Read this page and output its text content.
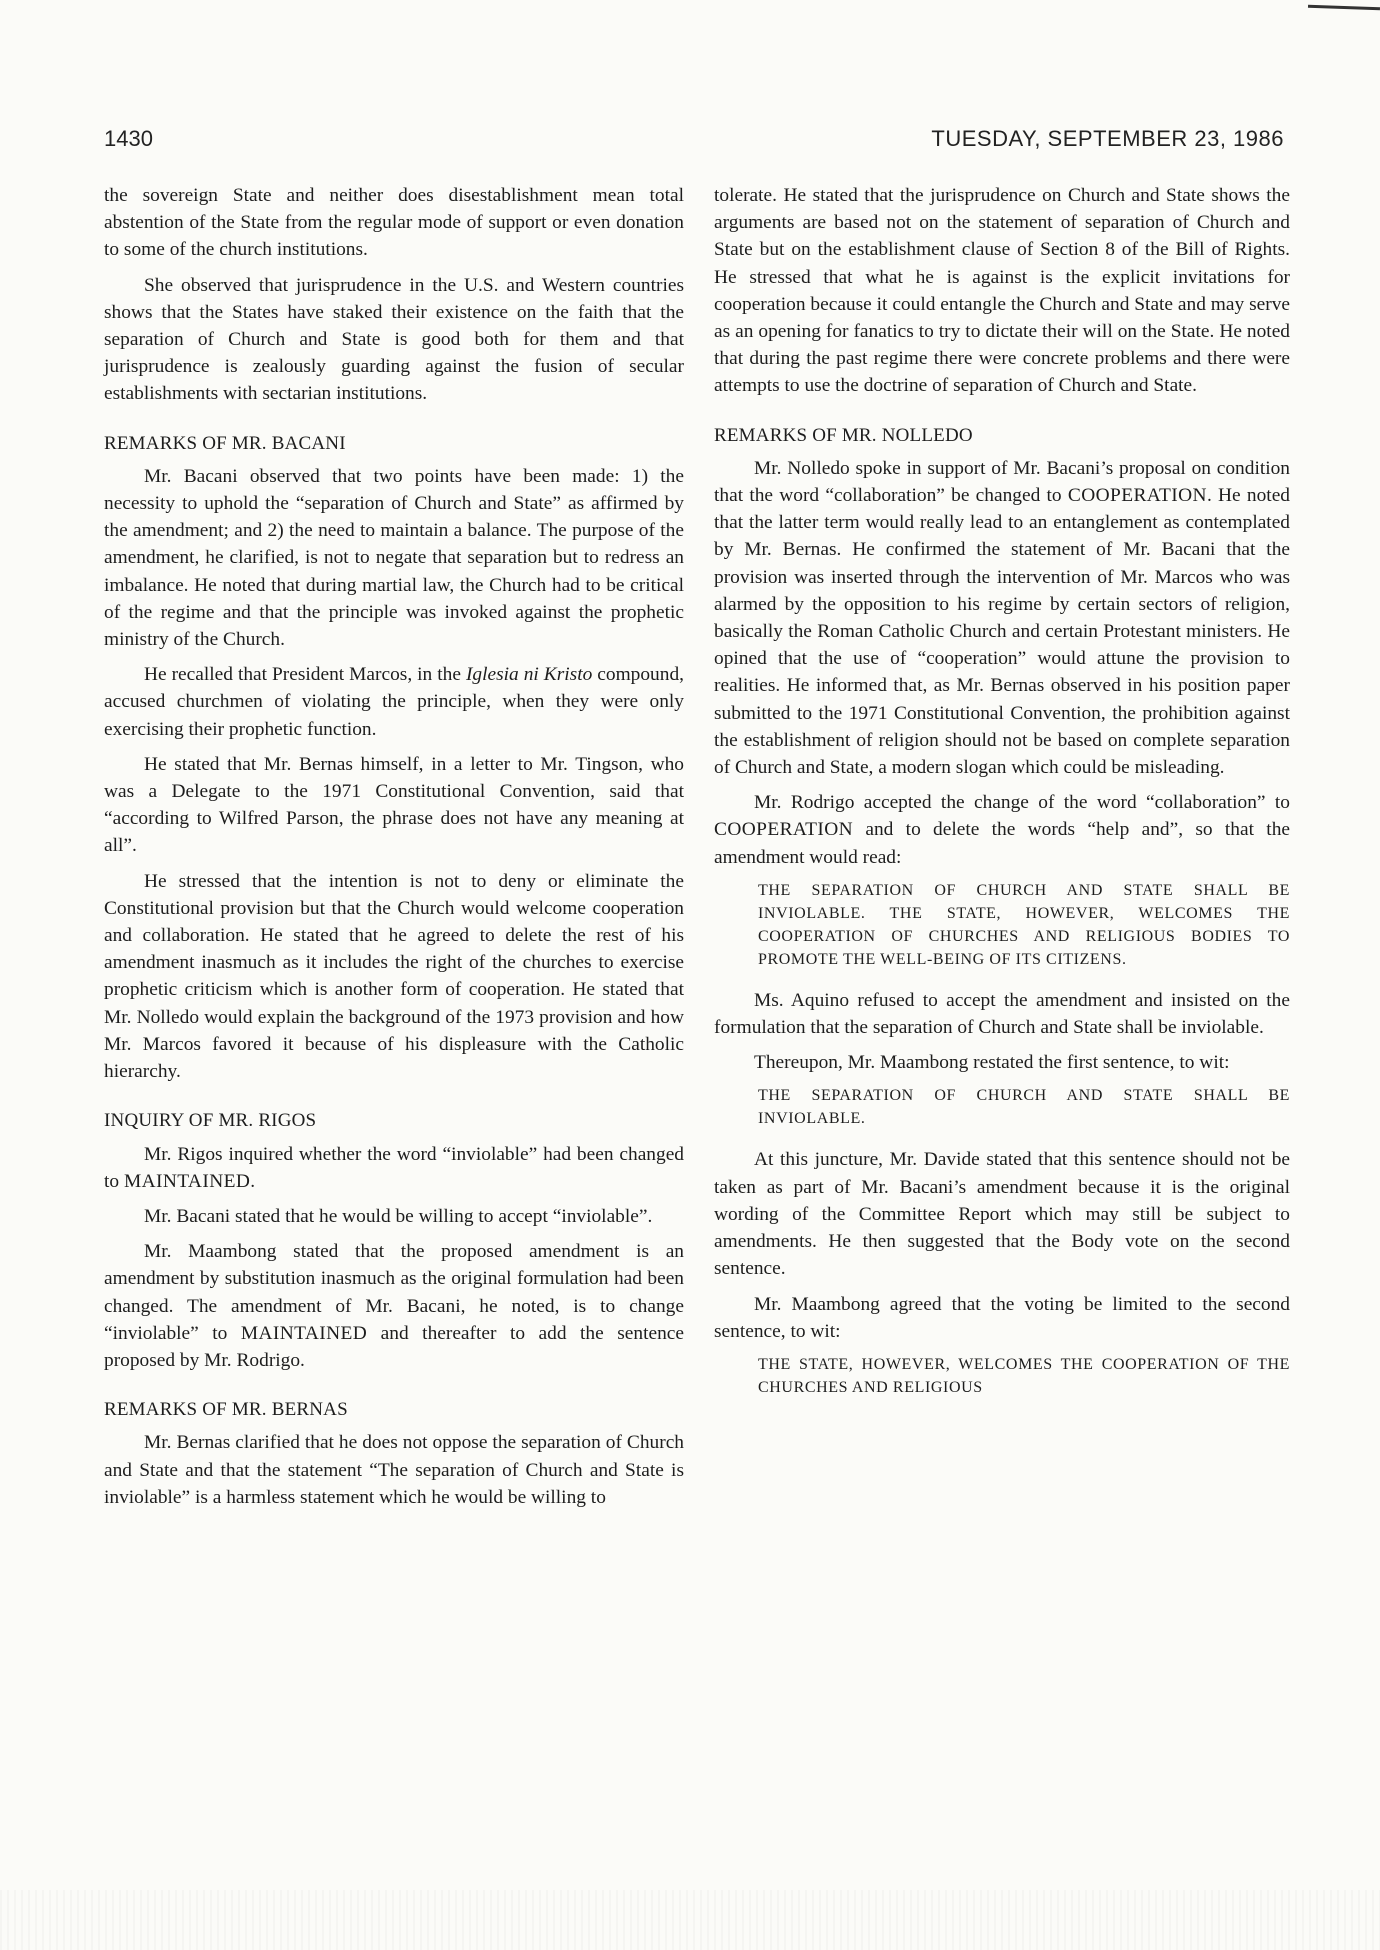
1430	TUESDAY, SEPTEMBER 23, 1986

the sovereign State and neither does disestablishment mean total abstention of the State from the regular mode of support or even donation to some of the church institutions.

She observed that jurisprudence in the U.S. and Western countries shows that the States have staked their existence on the faith that the separation of Church and State is good both for them and that jurisprudence is zealously guarding against the fusion of secular establishments with sectarian institutions.

REMARKS OF MR. BACANI

Mr. Bacani observed that two points have been made: 1) the necessity to uphold the “separation of Church and State” as affirmed by the amendment; and 2) the need to maintain a balance. The purpose of the amendment, he clarified, is not to negate that separation but to redress an imbalance. He noted that during martial law, the Church had to be critical of the regime and that the principle was invoked against the prophetic ministry of the Church.

He recalled that President Marcos, in the Iglesia ni Kristo compound, accused churchmen of violating the principle, when they were only exercising their prophetic function.

He stated that Mr. Bernas himself, in a letter to Mr. Tingson, who was a Delegate to the 1971 Constitutional Convention, said that “according to Wilfred Parson, the phrase does not have any meaning at all”.

He stressed that the intention is not to deny or eliminate the Constitutional provision but that the Church would welcome cooperation and collaboration. He stated that he agreed to delete the rest of his amendment inasmuch as it includes the right of the churches to exercise prophetic criticism which is another form of cooperation. He stated that Mr. Nolledo would explain the background of the 1973 provision and how Mr. Marcos favored it because of his displeasure with the Catholic hierarchy.

INQUIRY OF MR. RIGOS

Mr. Rigos inquired whether the word “inviolable” had been changed to MAINTAINED.

Mr. Bacani stated that he would be willing to accept “inviolable”.

Mr. Maambong stated that the proposed amendment is an amendment by substitution inasmuch as the original formulation had been changed. The amendment of Mr. Bacani, he noted, is to change “inviolable” to MAINTAINED and thereafter to add the sentence proposed by Mr. Rodrigo.

REMARKS OF MR. BERNAS

Mr. Bernas clarified that he does not oppose the separation of Church and State and that the statement “The separation of Church and State is inviolable” is a harmless statement which he would be willing to

tolerate. He stated that the jurisprudence on Church and State shows the arguments are based not on the statement of separation of Church and State but on the establishment clause of Section 8 of the Bill of Rights. He stressed that what he is against is the explicit invitations for cooperation because it could entangle the Church and State and may serve as an opening for fanatics to try to dictate their will on the State. He noted that during the past regime there were concrete problems and there were attempts to use the doctrine of separation of Church and State.

REMARKS OF MR. NOLLEDO

Mr. Nolledo spoke in support of Mr. Bacani’s proposal on condition that the word “collaboration” be changed to COOPERATION. He noted that the latter term would really lead to an entanglement as contemplated by Mr. Bernas. He confirmed the statement of Mr. Bacani that the provision was inserted through the intervention of Mr. Marcos who was alarmed by the opposition to his regime by certain sectors of religion, basically the Roman Catholic Church and certain Protestant ministers. He opined that the use of “cooperation” would attune the provision to realities. He informed that, as Mr. Bernas observed in his position paper submitted to the 1971 Constitutional Convention, the prohibition against the establishment of religion should not be based on complete separation of Church and State, a modern slogan which could be misleading.

Mr. Rodrigo accepted the change of the word “collaboration” to COOPERATION and to delete the words “help and”, so that the amendment would read:

THE SEPARATION OF CHURCH AND STATE SHALL BE INVIOLABLE. THE STATE, HOWEVER, WELCOMES THE COOPERATION OF CHURCHES AND RELIGIOUS BODIES TO PROMOTE THE WELL-BEING OF ITS CITIZENS.

Ms. Aquino refused to accept the amendment and insisted on the formulation that the separation of Church and State shall be inviolable.

Thereupon, Mr. Maambong restated the first sentence, to wit:

THE SEPARATION OF CHURCH AND STATE SHALL BE INVIOLABLE.

At this juncture, Mr. Davide stated that this sentence should not be taken as part of Mr. Bacani’s amendment because it is the original wording of the Committee Report which may still be subject to amendments. He then suggested that the Body vote on the second sentence.

Mr. Maambong agreed that the voting be limited to the second sentence, to wit:

THE STATE, HOWEVER, WELCOMES THE COOPERATION OF THE CHURCHES AND RELIGIOUS
